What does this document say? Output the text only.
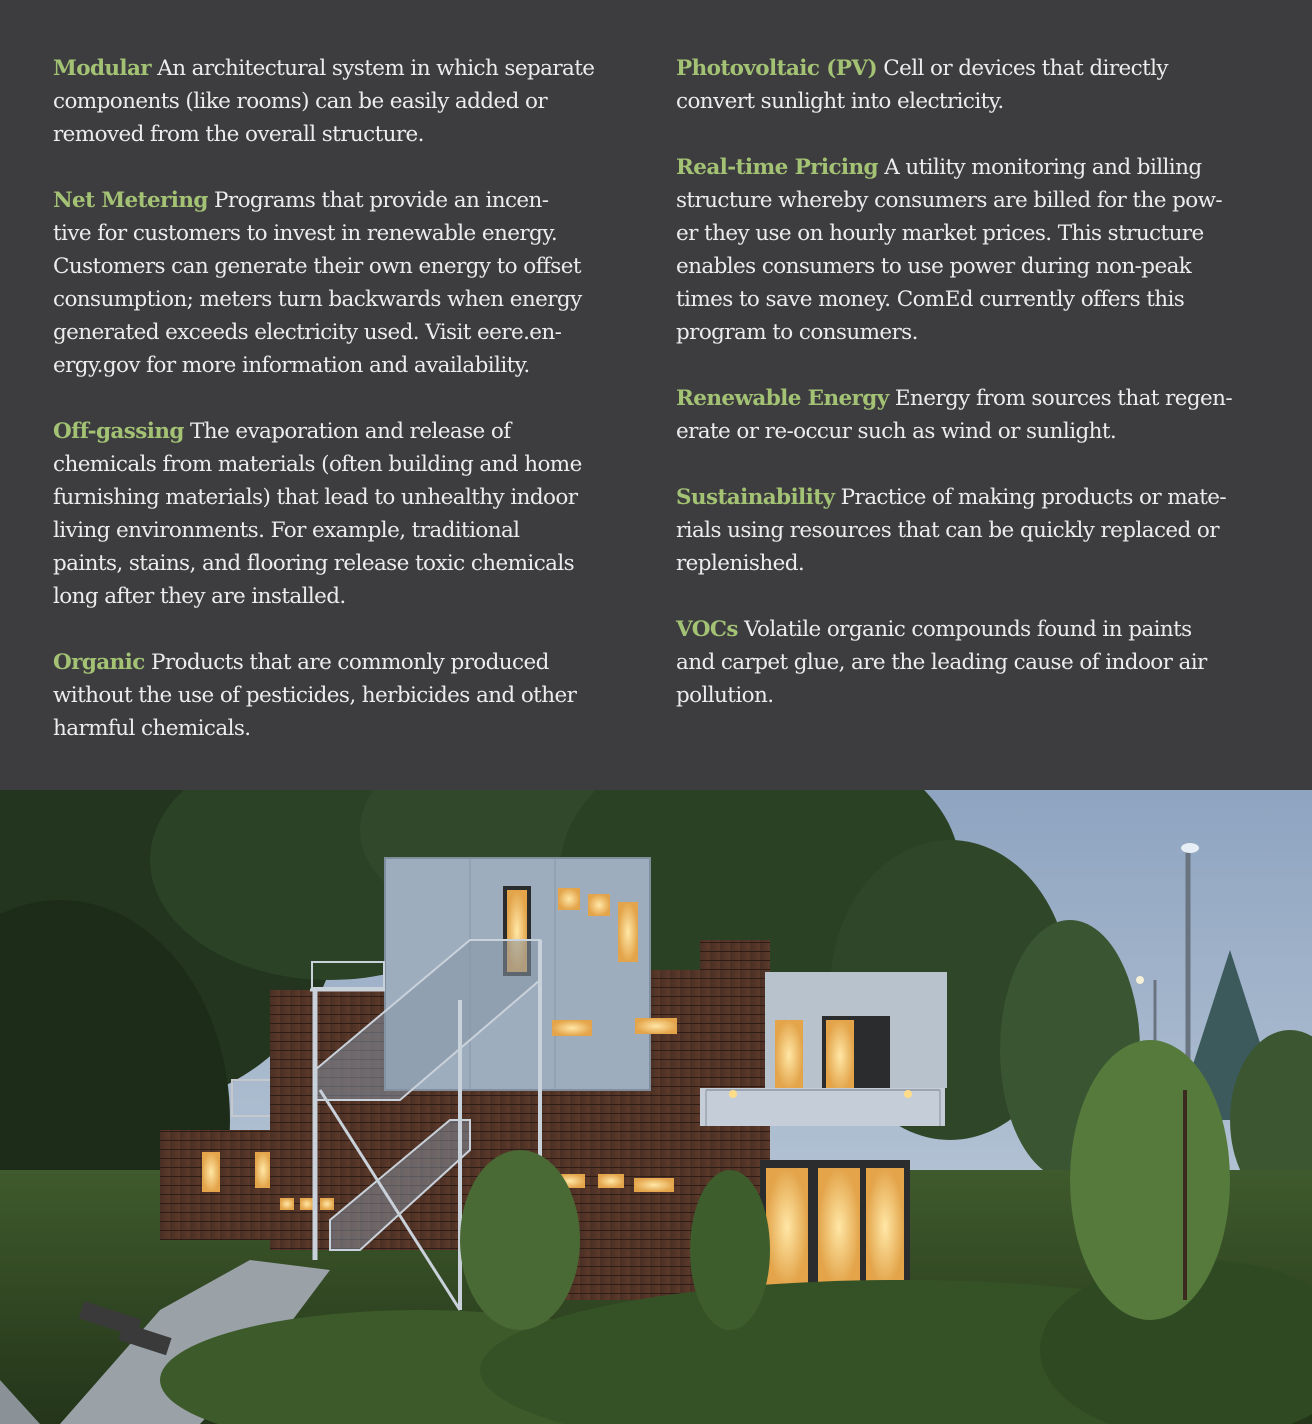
Modular An architectural system in which separate
components (like rooms) can be easily added or
removed from the overall structure.

Net Metering Programs that provide an incen-
tive for customers to invest in renewable energy.
Customers can generate their own energy to offset
consumption; meters turn backwards when energy
generated exceeds electricity used. Visit eere.en-
ergy.gov for more information and availability.

Off-gassing The evaporation and release of
chemicals from materials (often building and home
furnishing materials) that lead to unhealthy indoor
living environments. For example, traditional
paints, stains, and flooring release toxic chemicals
long after they are installed.

Organic Products that are commonly produced
without the use of pesticides, herbicides and other
harmful chemicals.

Photovoltaic (PV) Cell or devices that directly
convert sunlight into electricity.

Real-time Pricing A utility monitoring and billing
structure whereby consumers are billed for the pow-
er they use on hourly market prices. This structure
enables consumers to use power during non-peak
times to save money. ComEd currently offers this
program to consumers.

Renewable Energy Energy from sources that regen-
erate or re-occur such as wind or sunlight.

Sustainability Practice of making products or mate-
rials using resources that can be quickly replaced or
replenished.

VOCs Volatile organic compounds found in paints
and carpet glue, are the leading cause of indoor air
pollution.
